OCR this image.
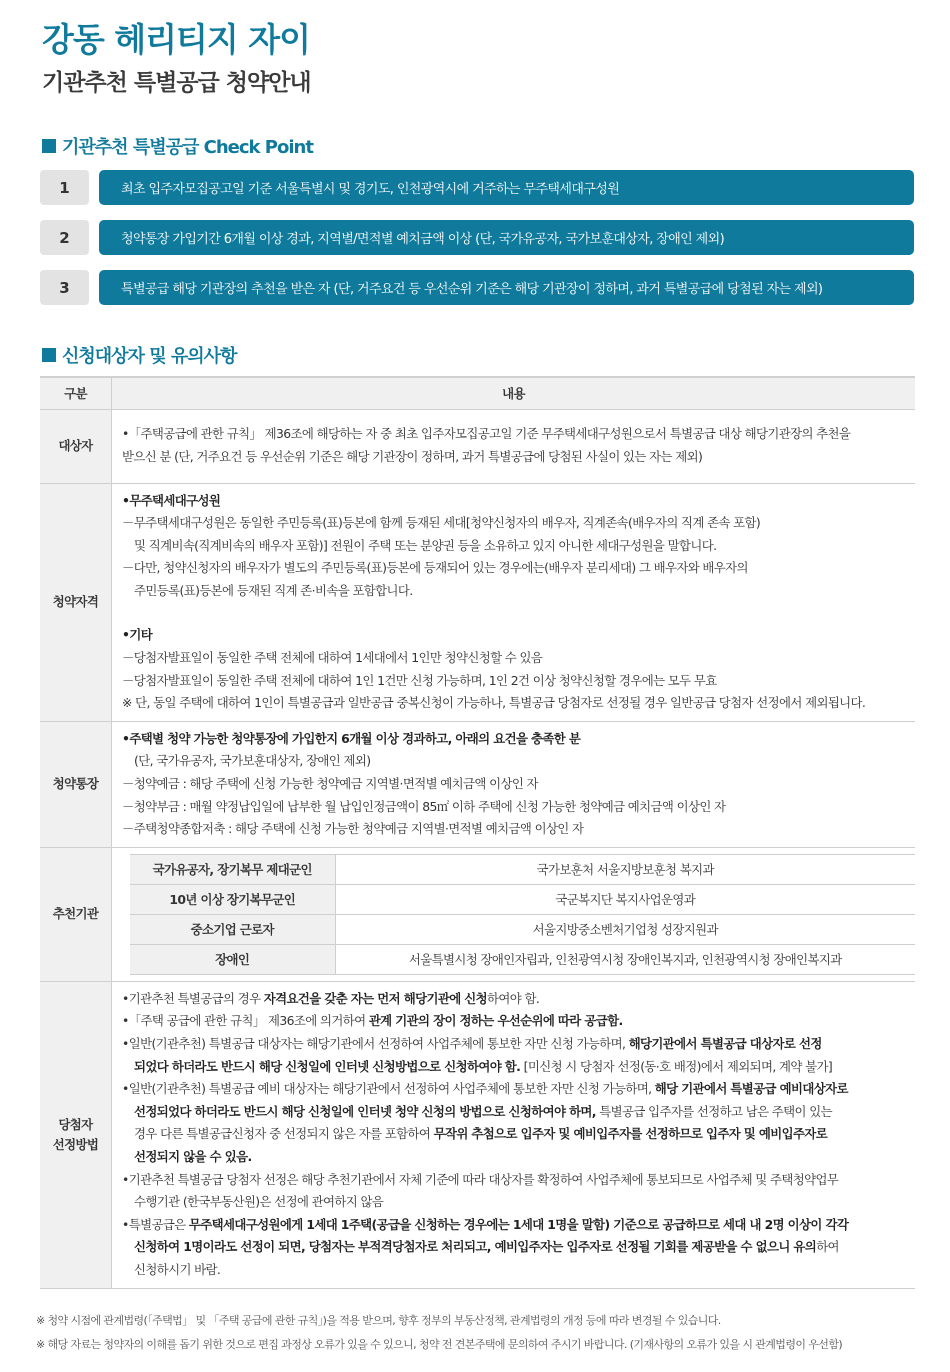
강동 헤리티지 자이
기관추천 특별공급 청약안내
기관추천 특별공급 Check Point
1	최초 입주자모집공고일 기준 서울특별시 및 경기도, 인천광역시에 거주하는 무주택세대구성원
2	청약통장 가입기간 6개월 이상 경과, 지역별/면적별 예치금액 이상 (단, 국가유공자, 국가보훈대상자, 장애인 제외)
3	특별공급 해당 기관장의 추천을 받은 자 (단, 거주요건 등 우선순위 기준은 해당 기관장이 정하며, 과거 특별공급에 당첨된 자는 제외)
신청대상자 및 유의사항
구분	내용
대상자	
•「주택공급에 관한 규칙」 제36조에 해당하는 자 중 최초 입주자모집공고일 기준 무주택세대구성원으로서 특별공급 대상 해당기관장의 추천을
받으신 분 (단, 거주요건 등 우선순위 기준은 해당 기관장이 정하며, 과거 특별공급에 당첨된 사실이 있는 자는 제외)

청약자격	
•무주택세대구성원
－무주택세대구성원은 동일한 주민등록(표)등본에 함께 등재된 세대[청약신청자의 배우자, 직계존속(배우자의 직계 존속 포함)
및 직계비속(직계비속의 배우자 포함)] 전원이 주택 또는 분양권 등을 소유하고 있지 아니한 세대구성원을 말합니다.
－다만, 청약신청자의 배우자가 별도의 주민등록(표)등본에 등재되어 있는 경우에는(배우자 분리세대) 그 배우자와 배우자의
주민등록(표)등본에 등재된 직계 존·비속을 포함합니다.
•기타
－당첨자발표일이 동일한 주택 전체에 대하여 1세대에서 1인만 청약신청할 수 있음
－당첨자발표일이 동일한 주택 전체에 대하여 1인 1건만 신청 가능하며, 1인 2건 이상 청약신청할 경우에는 모두 무효
※ 단, 동일 주택에 대하여 1인이 특별공급과 일반공급 중복신청이 가능하나, 특별공급 당첨자로 선정될 경우 일반공급 당첨자 선정에서 제외됩니다.

청약통장	
•주택별 청약 가능한 청약통장에 가입한지 6개월 이상 경과하고, 아래의 요건을 충족한 분
(단, 국가유공자, 국가보훈대상자, 장애인 제외)
－청약예금 : 해당 주택에 신청 가능한 청약예금 지역별·면적별 예치금액 이상인 자
－청약부금 : 매월 약정납입일에 납부한 월 납입인정금액이 85㎡ 이하 주택에 신청 가능한 청약예금 예치금액 이상인 자
－주택청약종합저축 : 해당 주택에 신청 가능한 청약예금 지역별·면적별 예치금액 이상인 자

추천기관	
국가유공자, 장기복무 제대군인	국가보훈처 서울지방보훈청 복지과
10년 이상 장기복무군인	국군복지단 복지사업운영과
중소기업 근로자	서울지방중소벤처기업청 성장지원과
장애인	서울특별시청 장애인자립과, 인천광역시청 장애인복지과, 인천광역시청 장애인복지과

당첨자
선정방법

•기관추천 특별공급의 경우 자격요건을 갖춘 자는 먼저 해당기관에 신청하여야 함.
•「주택 공급에 관한 규칙」 제36조에 의거하여 관계 기관의 장이 정하는 우선순위에 따라 공급함.
•일반(기관추천) 특별공급 대상자는 해당기관에서 선정하여 사업주체에 통보한 자만 신청 가능하며, 해당기관에서 특별공급 대상자로 선정
되었다 하더라도 반드시 해당 신청일에 인터넷 신청방법으로 신청하여야 함. [미신청 시 당첨자 선정(동·호 배정)에서 제외되며, 계약 불가]
•일반(기관추천) 특별공급 예비 대상자는 해당기관에서 선정하여 사업주체에 통보한 자만 신청 가능하며, 해당 기관에서 특별공급 예비대상자로
선정되었다 하더라도 반드시 해당 신청일에 인터넷 청약 신청의 방법으로 신청하여야 하며, 특별공급 입주자를 선정하고 남은 주택이 있는
경우 다른 특별공급신청자 중 선정되지 않은 자를 포함하여 무작위 추첨으로 입주자 및 예비입주자를 선정하므로 입주자 및 예비입주자로
선정되지 않을 수 있음.
•기관추천 특별공급 당첨자 선정은 해당 추천기관에서 자체 기준에 따라 대상자를 확정하여 사업주체에 통보되므로 사업주체 및 주택청약업무
수행기관 (한국부동산원)은 선정에 관여하지 않음
•특별공급은 무주택세대구성원에게 1세대 1주택(공급을 신청하는 경우에는 1세대 1명을 말함) 기준으로 공급하므로 세대 내 2명 이상이 각각
신청하여 1명이라도 선정이 되면, 당첨자는 부적격당첨자로 처리되고, 예비입주자는 입주자로 선정될 기회를 제공받을 수 없으니 유의하여
신청하시기 바람.
※ 청약 시점에 관계법령(「주택법」 및 「주택 공급에 관한 규칙」)을 적용 받으며, 향후 정부의 부동산정책, 관계법령의 개정 등에 따라 변경될 수 있습니다.
※ 해당 자료는 청약자의 이해를 돕기 위한 것으로 편집 과정상 오류가 있을 수 있으니, 청약 전 견본주택에 문의하여 주시기 바랍니다. (기재사항의 오류가 있을 시 관계법령이 우선함)
